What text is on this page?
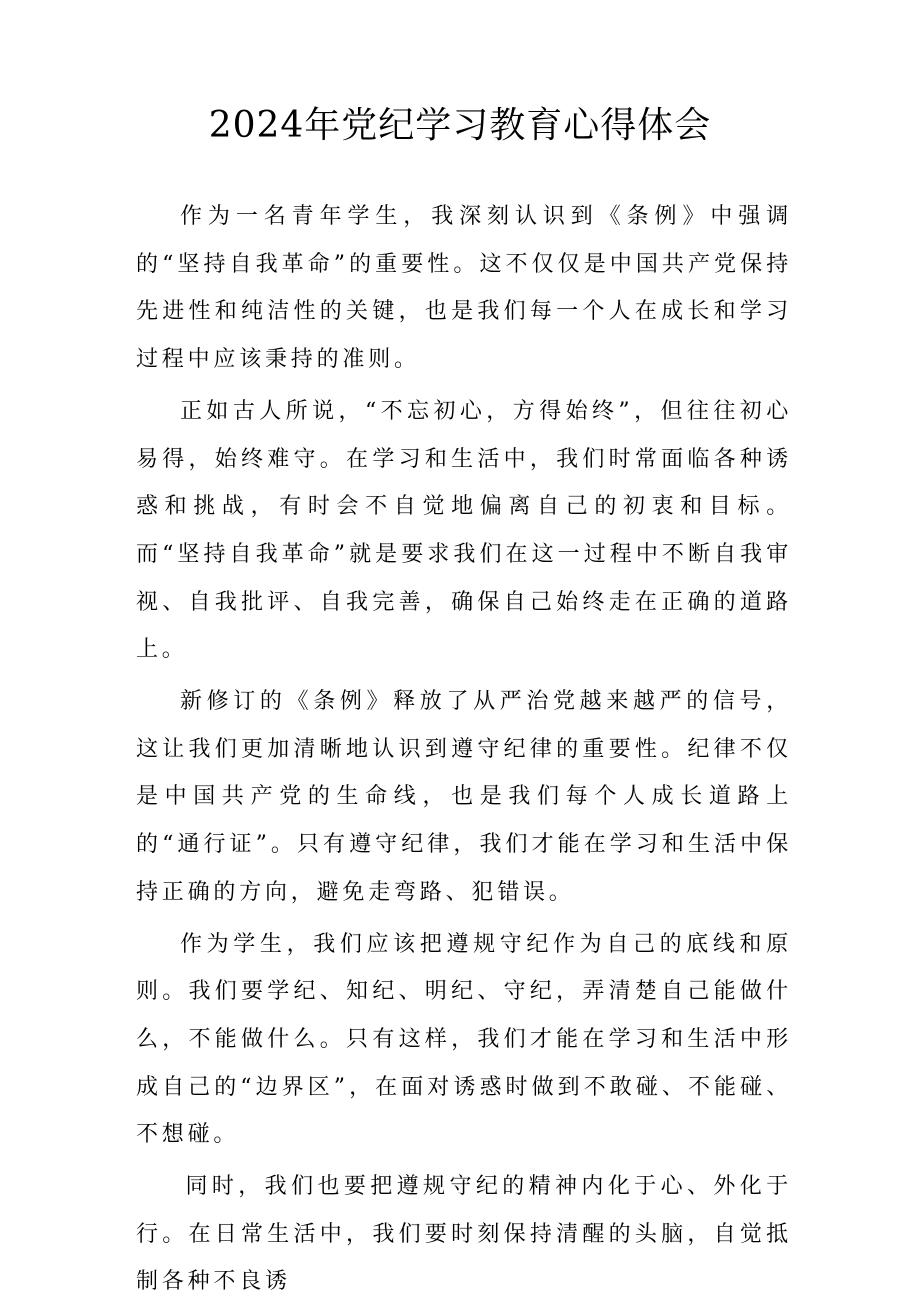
2024年党纪学习教育心得体会

作为一名青年学生，我深刻认识到《条例》中强调的“坚持自我革命”的重要性。这不仅仅是中国共产党保持先进性和纯洁性的关键，也是我们每一个人在成长和学习过程中应该秉持的准则。

正如古人所说，“不忘初心，方得始终”，但往往初心易得，始终难守。在学习和生活中，我们时常面临各种诱惑和挑战，有时会不自觉地偏离自己的初衷和目标。而“坚持自我革命”就是要求我们在这一过程中不断自我审视、自我批评、自我完善，确保自己始终走在正确的道路上。

新修订的《条例》释放了从严治党越来越严的信号，这让我们更加清晰地认识到遵守纪律的重要性。纪律不仅是中国共产党的生命线，也是我们每个人成长道路上的“通行证”。只有遵守纪律，我们才能在学习和生活中保持正确的方向，避免走弯路、犯错误。

作为学生，我们应该把遵规守纪作为自己的底线和原则。我们要学纪、知纪、明纪、守纪，弄清楚自己能做什么，不能做什么。只有这样，我们才能在学习和生活中形成自己的“边界区”，在面对诱惑时做到不敢碰、不能碰、不想碰。

同时，我们也要把遵规守纪的精神内化于心、外化于行。在日常生活中，我们要时刻保持清醒的头脑，自觉抵制各种不良诱
